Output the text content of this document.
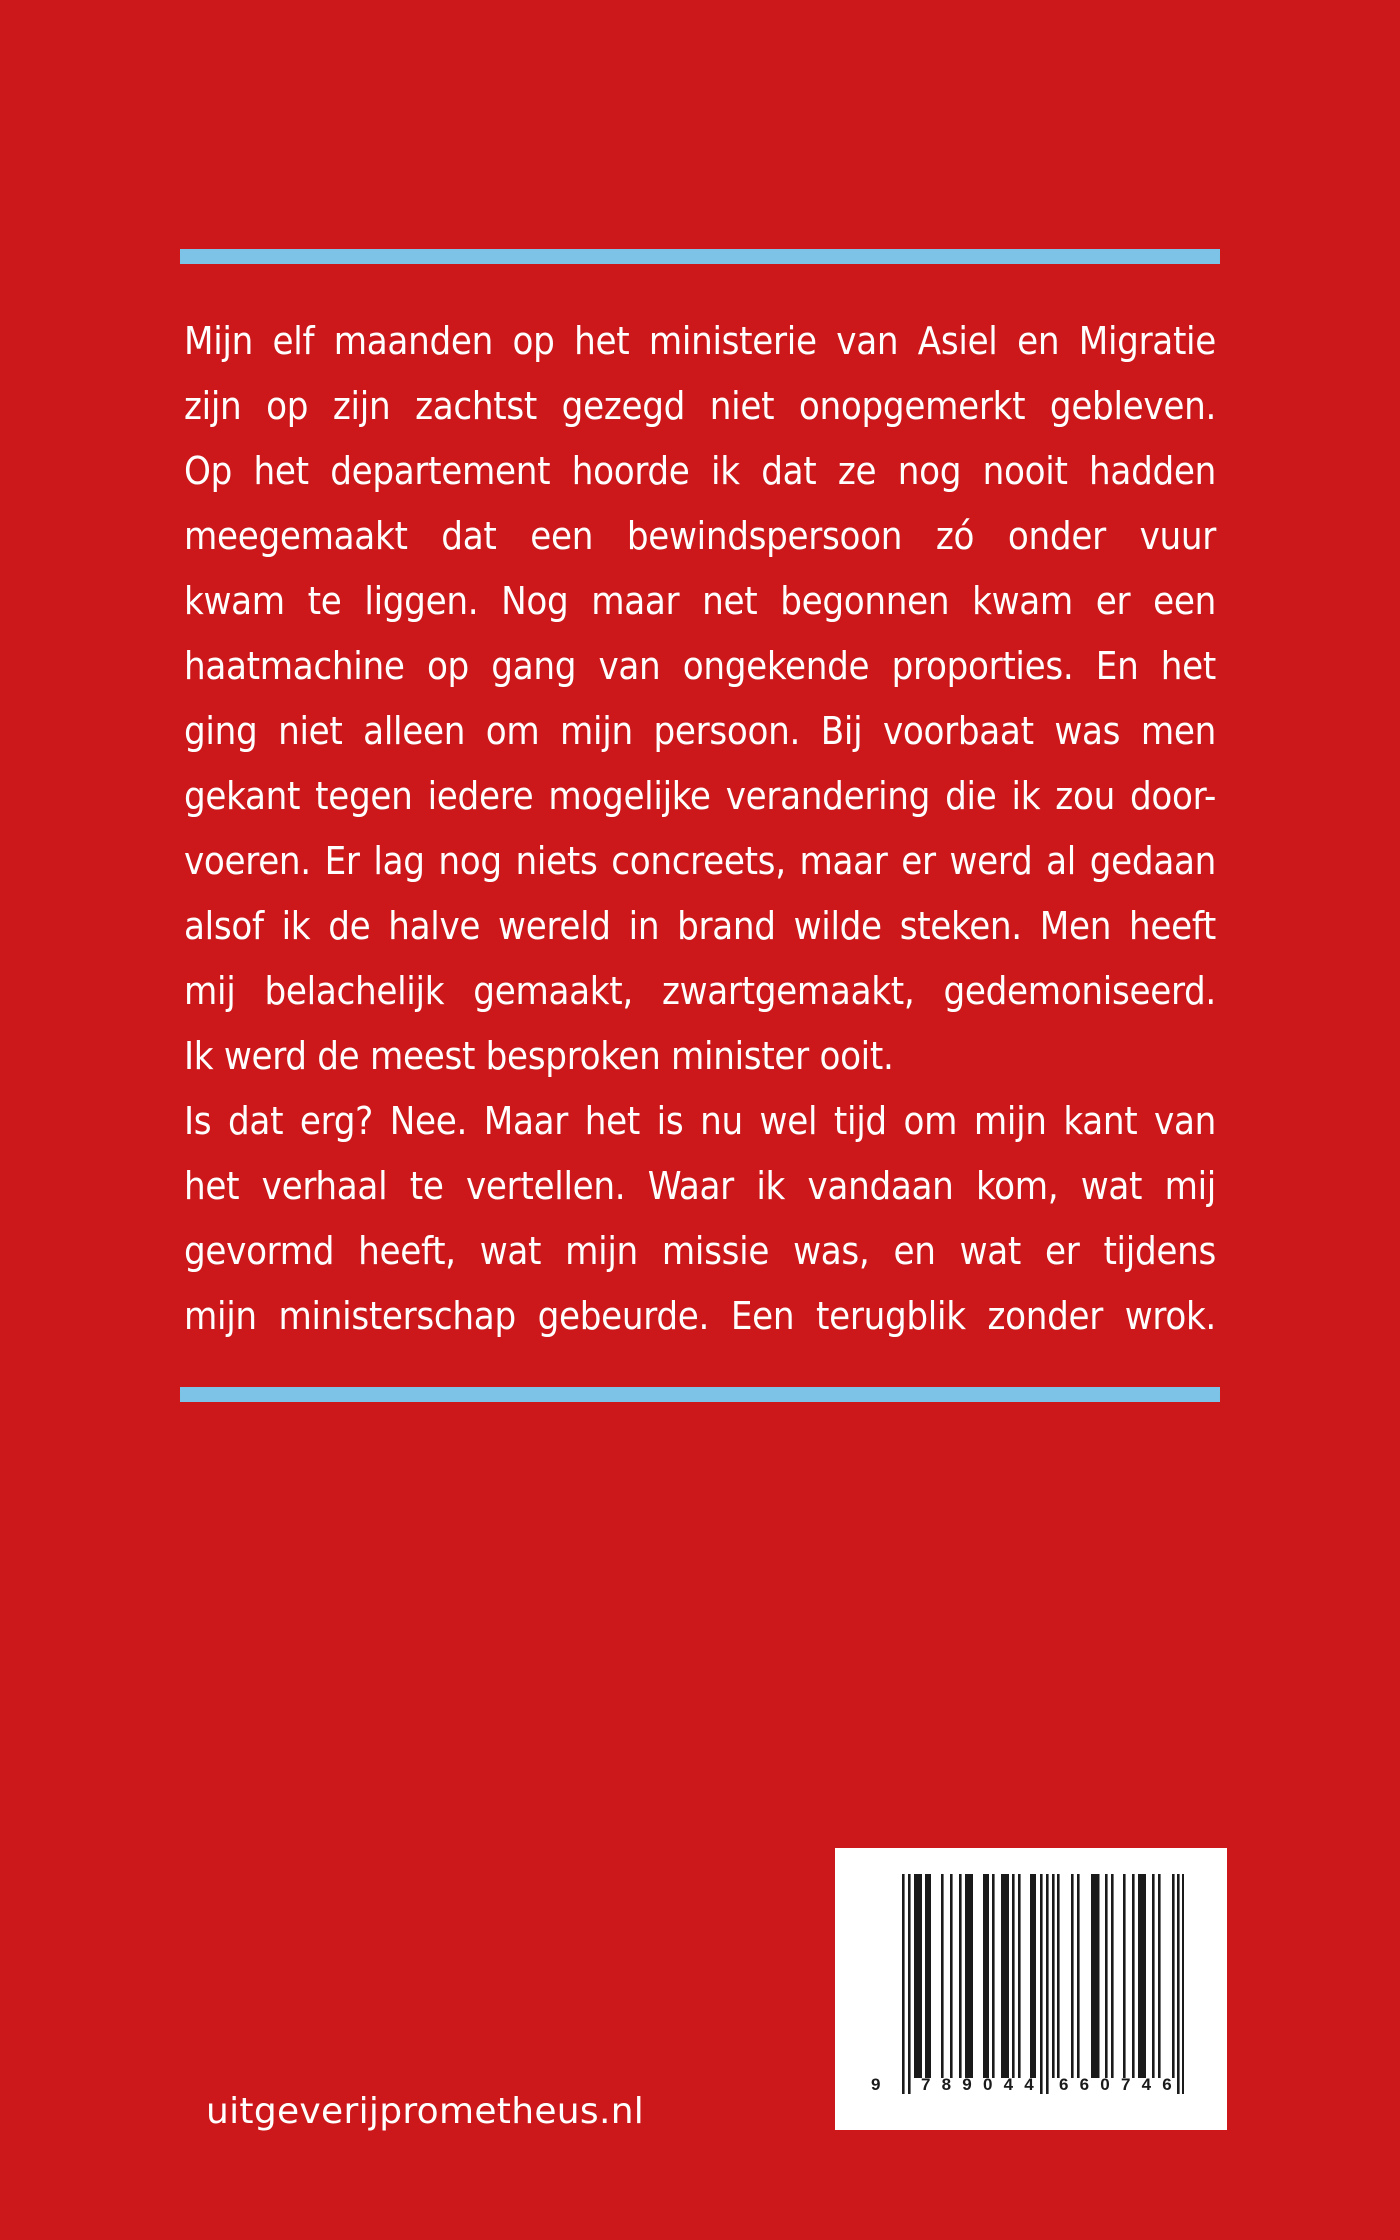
Mijn elf maanden op het ministerie van Asiel en Migratie
zijn op zijn zachtst gezegd niet onopgemerkt gebleven.
Op het departement hoorde ik dat ze nog nooit hadden
meegemaakt dat een bewindspersoon zó onder vuur
kwam te liggen. Nog maar net begonnen kwam er een
haatmachine op gang van ongekende proporties. En het
ging niet alleen om mijn persoon. Bij voorbaat was men
gekant tegen iedere mogelijke verandering die ik zou door-
voeren. Er lag nog niets concreets, maar er werd al gedaan
alsof ik de halve wereld in brand wilde steken. Men heeft
mij belachelijk gemaakt, zwartgemaakt, gedemoniseerd.
Ik werd de meest besproken minister ooit.
Is dat erg? Nee. Maar het is nu wel tijd om mijn kant van
het verhaal te vertellen. Waar ik vandaan kom, wat mij
gevormd heeft, wat mijn missie was, en wat er tijdens
mijn ministerschap gebeurde. Een terugblik zonder wrok.
uitgeverijprometheus.nl
9 789044 660746
